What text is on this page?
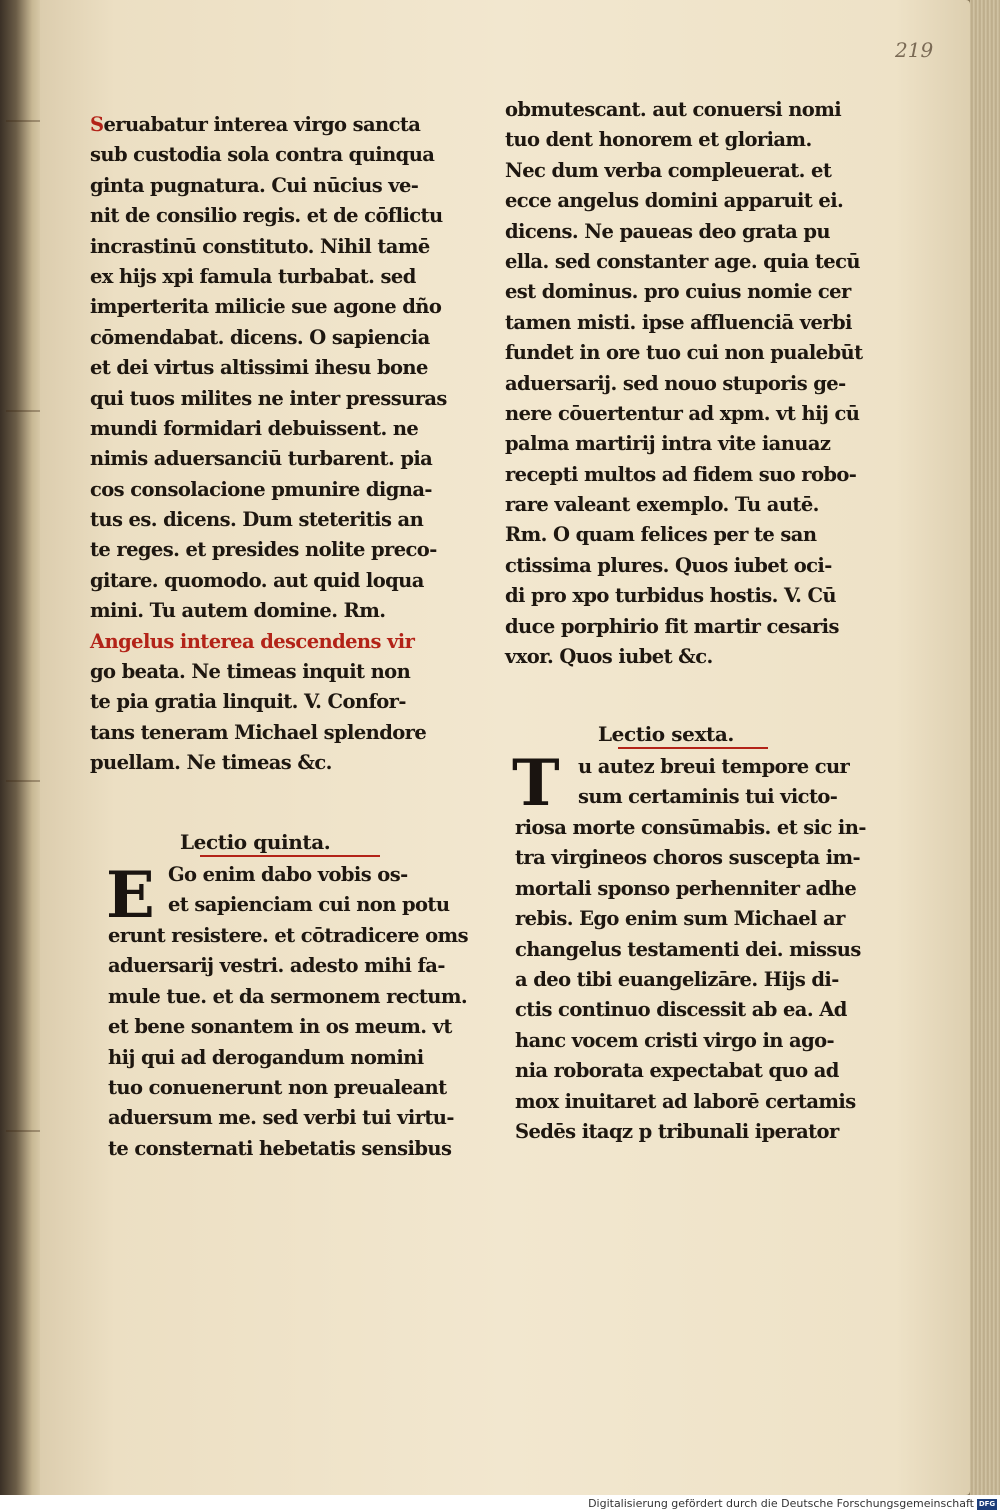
219

Seruabatur interea virgo sancta
sub custodia sola contra quinqua
ginta pugnatura. Cui nūcius ve-
nit de consilio regis. et de cōflictu
incrastinū constituto. Nihil tamē
ex hijs xpi famula turbabat. sed
imperterita milicie sue agone dño
cōmendabat. dicens. O sapiencia
et dei virtus altissimi ihesu bone
qui tuos milites ne inter pressuras
mundi formidari debuissent. ne
nimis aduersanciū turbarent. pia
cos consolacione pmunire digna-
tus es. dicens. Dum steteritis an
te reges. et presides nolite preco-
gitare. quomodo. aut quid loqua
mini. Tu autem domine. Rm.
Angelus interea descendens vir
go beata. Ne timeas inquit non
te pia gratia linquit. V. Confor-
tans teneram Michael splendore
puellam. Ne timeas &c.
Lectio quinta.
E Go enim dabo vobis os-
et sapienciam cui non potu
erunt resistere. et cōtradicere oms
aduersarij vestri. adesto mihi fa-
mule tue. et da sermonem rectum.
et bene sonantem in os meum. vt
hij qui ad derogandum nomini
tuo conuenerunt non preualeant
aduersum me. sed verbi tui virtu-
te consternati hebetatis sensibus
obmutescant. aut conuersi nomi
tuo dent honorem et gloriam.
Nec dum verba compleuerat. et
ecce angelus domini apparuit ei.
dicens. Ne paueas deo grata pu
ella. sed constanter age. quia tecū
est dominus. pro cuius nomie cer
tamen misti. ipse affluenciā verbi
fundet in ore tuo cui non pualebūt
aduersarij. sed nouo stuporis ge-
nere cōuertentur ad xpm. vt hij cū
palma martirij intra vite ianuaz
recepti multos ad fidem suo robo-
rare valeant exemplo. Tu autē.
Rm. O quam felices per te san
ctissima plures. Quos iubet oci-
di pro xpo turbidus hostis. V. Cū
duce porphirio fit martir cesaris
vxor. Quos iubet &c.
Lectio sexta.
T u autez breui tempore cur
sum certaminis tui victo-
riosa morte consūmabis. et sic in-
tra virgineos choros suscepta im-
mortali sponso perhenniter adhe
rebis. Ego enim sum Michael ar
changelus testamenti dei. missus
a deo tibi euangelizāre. Hijs di-
ctis continuo discessit ab ea. Ad
hanc vocem cristi virgo in ago-
nia roborata expectabat quo ad
mox inuitaret ad laborē certamis
Sedēs itaqz p tribunali iperator
Digitalisierung gefördert durch die Deutsche Forschungsgemeinschaft DFG
